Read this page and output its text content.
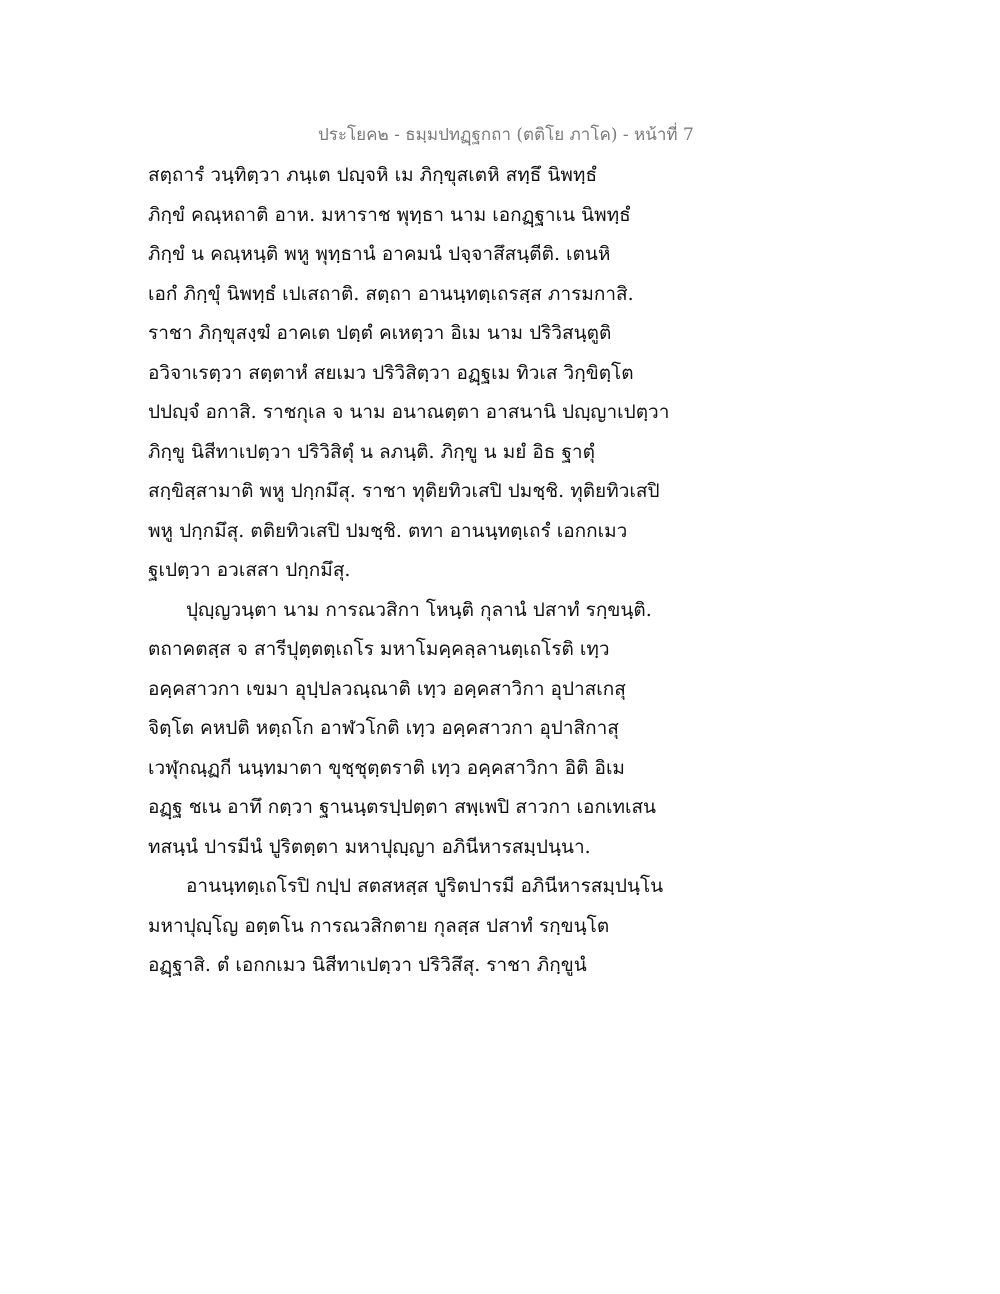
ประโยค๒ - ธมฺมปทฏฺฐกถา (ตติโย ภาโค) - หน้าที่ 7
สตฺถารํ วนฺทิตฺวา ภนฺเต ปญฺจหิ เม ภิกฺขุสเตหิ สทฺธึ นิพทฺธํ
ภิกฺขํ คณฺหถาติ อาห. มหาราช พุทฺธา นาม เอกฏฺฐาเน นิพทฺธํ
ภิกฺขํ น คณฺหนฺติ พหู พุทฺธานํ อาคมนํ ปจฺจาสึสนฺตีติ. เตนหิ
เอกํ ภิกฺขุํ นิพทฺธํ เปเสถาติ. สตฺถา อานนฺทตฺเถรสฺส ภารมกาสิ.
ราชา ภิกฺขุสงฺฆํ อาคเต ปตฺตํ คเหตฺวา อิเม นาม ปริวิสนฺตูติ
อวิจาเรตฺวา สตฺตาหํ สยเมว ปริวิสิตฺวา อฏฺฐเม ทิวเส วิกฺขิตฺโต
ปปญฺจํ อกาสิ. ราชกุเล จ นาม อนาณตฺตา อาสนานิ ปญฺญาเปตฺวา
ภิกฺขู นิสีทาเปตฺวา ปริวิสิตุํ น ลภนฺติ. ภิกฺขู น มยํ อิธ ฐาตุํ
สกฺขิสฺสามาติ พหู ปกฺกมึสุ. ราชา ทุติยทิวเสปิ ปมชฺชิ. ทุติยทิวเสปิ
พหู ปกฺกมึสุ. ตติยทิวเสปิ ปมชฺชิ. ตทา อานนฺทตฺเถรํ เอกกเมว
ฐเปตฺวา อวเสสา ปกฺกมึสุ.
ปุญฺญวนฺตา นาม การณวสิกา โหนฺติ กุลานํ ปสาทํ รกฺขนฺติ.
ตถาคตสฺส จ สารีปุตฺตตฺเถโร มหาโมคฺคลฺลานตฺเถโรติ เทฺว
อคฺคสาวกา เขมา อุปฺปลวณฺณาติ เทฺว อคฺคสาวิกา อุปาสเกสุ
จิตฺโต คหปติ หตฺถโก อาฬวโกติ เทฺว อคฺคสาวกา อุปาสิกาสุ
เวฬุกณฺฏกี นนฺทมาตา ขุชฺชุตฺตราติ เทฺว อคฺคสาวิกา อิติ อิเม
อฏฺฐ ชเน อาทึ กตฺวา ฐานนฺตรปฺปตฺตา สพฺเพปิ สาวกา เอกเทเสน
ทสนฺนํ ปารมีนํ ปูริตตฺตา มหาปุญฺญา อภินีหารสมฺปนฺนา.
อานนฺทตฺเถโรปิ กปฺป สตสหสฺส ปูริตปารมี อภินีหารสมฺปนฺโน
มหาปุญฺโญ อตฺตโน การณวสิกตาย กุลสฺส ปสาทํ รกฺขนฺโต
อฏฺฐาสิ. ตํ เอกกเมว นิสีทาเปตฺวา ปริวิสึสุ. ราชา ภิกฺขูนํ
